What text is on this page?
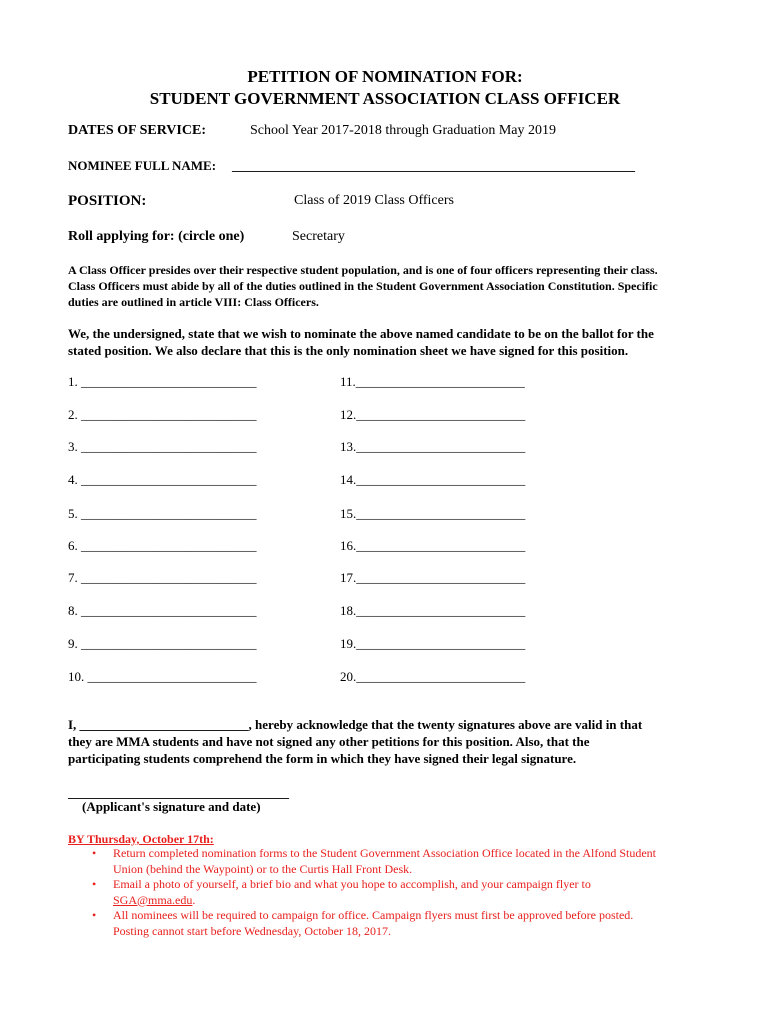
PETITION OF NOMINATION FOR:
STUDENT GOVERNMENT ASSOCIATION CLASS OFFICER
DATES OF SERVICE:	School Year 2017-2018 through Graduation May 2019
NOMINEE FULL NAME: ______________________________________________________________
POSITION:	Class of 2019 Class Officers
Roll applying for: (circle one)	Secretary
A Class Officer presides over their respective student population, and is one of four officers representing their class.
Class Officers must abide by all of the duties outlined in the Student Government Association Constitution. Specific
duties are outlined in article VIII: Class Officers.
We, the undersigned, state that we wish to nominate the above named candidate to be on the ballot for the
stated position. We also declare that this is the only nomination sheet we have signed for this position.
1. ___________________________
2. ___________________________
3. ___________________________
4. ___________________________
5. ___________________________
6. ___________________________
7. ___________________________
8. ___________________________
9. ___________________________
10. __________________________
11.__________________________
12.__________________________
13.__________________________
14.__________________________
15.__________________________
16.__________________________
17.__________________________
18.__________________________
19.__________________________
20.__________________________
I, __________________________, hereby acknowledge that the twenty signatures above are valid in that
they are MMA students and have not signed any other petitions for this position. Also, that the
participating students comprehend the form in which they have signed their legal signature.
__________________________________
(Applicant's signature and date)
BY Thursday, October 17th:
• Return completed nomination forms to the Student Government Association Office located in the Alfond Student
Union (behind the Waypoint) or to the Curtis Hall Front Desk.
• Email a photo of yourself, a brief bio and what you hope to accomplish, and your campaign flyer to
SGA@mma.edu.
• All nominees will be required to campaign for office. Campaign flyers must first be approved before posted.
Posting cannot start before Wednesday, October 18, 2017.
